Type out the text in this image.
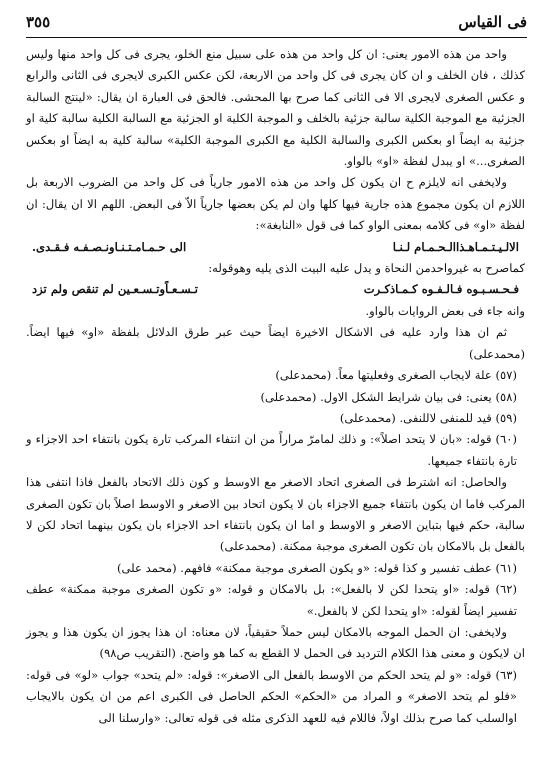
فى القياس
٣٥٥

واحد من هذه الامور يعنى: ان كل واحد من هذه على سبيل منع الخلو، يجرى فى كل واحد منها وليس كذلك ، فان الخلف و ان كان يجرى فى كل واحد من الاربعة، لكن عكس الكبرى لايجرى فى الثانى والرابع و عكس الصغرى لايجرى الا فى الثانى كما صرح بها المحشى. فالحق فى العبارة ان يقال: «لينتج السالبة الجزئية مع الموجبة الكلية سالبة جزئية بالخلف و الموجبة الكلية او الجزئية مع السالبة الكلية سالبة كلية او جزئية به ايضاً او بعكس الكبرى والسالبة الكلية مع الكبرى الموجبة الكلية» سالبة كلية به ايضاً او بعكس الصغرى...» او يبدل لفظة «او» بالواو.

ولايخفى انه لايلزم ح ان يكون كل واحد من هذه الامور جارياً فى كل واحد من الضروب الاربعة بل اللازم ان يكون مجموع هذه جارية فيها كلها وان لم يكن بعضها جارياً الاّ فى البعض. اللهم الا ان يقال: ان لفظة «او» فى كلامه بمعنى الواو كما فى قول «النابغة»:

الالـيـتـمـاهـذاالـحـمـام لـنـا
الى حـمـامـتـنـاونـصـفـه فـقـدى.

كماصرح به غيرواحدمن النحاة و يدل عليه البيت الذى يليه وهوقوله:

فـحـسـبـوه فـالـفـوه كـمـاذكـرت
تـسـعـاًوتـسـعـين لم تنقص ولم تزد

وانه جاء فى بعض الروايات بالواو.

ثم ان هذا وارد عليه فى الاشكال الاخيرة ايضاً حيث عبر طرق الدلائل بلفظة «او» فيها ايضاً. (محمدعلى)

(٥٧) علة لايجاب الصغرى وفعليتها معاً. (محمدعلى)

(٥٨) يعنى: فى بيان شرايط الشكل الاول. (محمدعلى)

(٥٩) قيد للمنفى لاللنفى. (محمدعلى)

(٦٠) قوله: «بان لا يتحد اصلاً»: و ذلك لمامرّ مراراً من ان انتفاء المركب تارة يكون بانتفاء احد الاجزاء و تارة بانتفاء جميعها.

والحاصل: انه اشترط فى الصغرى اتحاد الاصغر مع الاوسط و كون ذلك الاتحاد بالفعل فاذا انتفى هذا المركب فاما ان يكون بانتفاء جميع الاجزاء بان لا يكون اتحاد بين الاصغر و الاوسط اصلاً بان تكون الصغرى سالبة، حكم فيها بتباين الاصغر و الاوسط و اما ان يكون بانتفاء احد الاجزاء بان يكون بينهما اتحاد لكن لا بالفعل بل بالامكان بان تكون الصغرى موجبة ممكنة. (محمدعلى)

(٦١) عطف تفسير و كذا قوله: «و يكون الصغرى موجبة ممكنة» فافهم. (محمد على)

(٦٢) قوله: «او يتحدا لكن لا بالفعل»: بل بالامكان و قوله: «و تكون الصغرى موجبة ممكنة» عطف تفسير ايضاً لقوله: «او يتحدا لكن لا بالفعل.»

ولايخفى: ان الحمل الموجه بالامكان ليس حملاً حقيقياً، لان معناه: ان هذا يجوز ان يكون هذا و يجوز ان لايكون و معنى هذا الكلام الترديد فى الحمل لا القطع به كما هو واضح. (التقريب ص٩٨)

(٦٣) قوله: «و لم يتحد الحكم من الاوسط بالفعل الى الاصغر»: قوله: «لم يتحد» جواب «لو» فى قوله: «فلو لم يتحد الاصغر» و المراد من «الحكم» الحكم الحاصل فى الكبرى اعم من ان يكون بالايجاب اوالسلب كما صرح بذلك اولاً، فاللام فيه للعهد الذكرى مثله فى قوله تعالى: «وارسلنا الى
